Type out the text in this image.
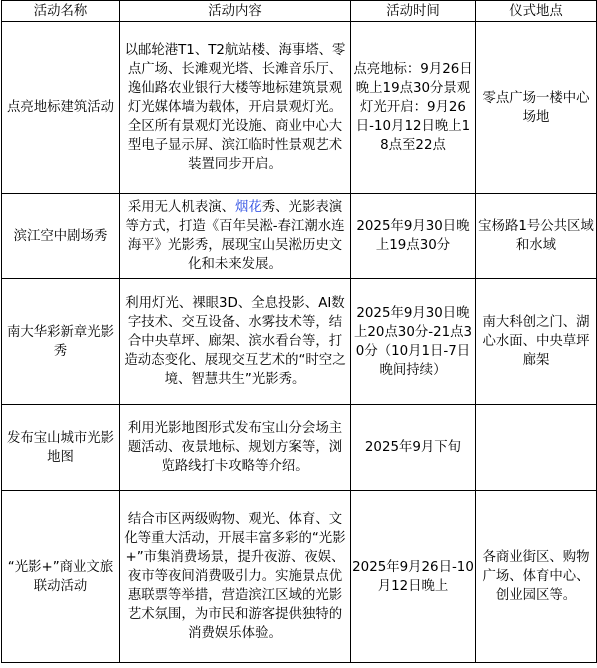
活动名称	活动内容	活动时间	仪式地点
点亮地标建筑活动	以邮轮港T1、T2航站楼、海事塔、零点广场、长滩观光塔、长滩音乐厅、逸仙路农业银行大楼等地标建筑景观灯光媒体墙为载体，开启景观灯光。全区所有景观灯光设施、商业中心大型电子显示屏、滨江临时性景观艺术装置同步开启。	点亮地标：9月26日晚上19点30分景观灯光开启：9月26日-10月12日晚上18点至22点	零点广场一楼中心场地
滨江空中剧场秀	采用无人机表演、烟花秀、光影表演等方式，打造《百年吴淞-春江潮水连海平》光影秀，展现宝山吴淞历史文化和未来发展。	2025年9月30日晚上19点30分	宝杨路1号公共区域和水域
南大华彩新章光影秀	利用灯光、裸眼3D、全息投影、AI数字技术、交互设备、水雾技术等，结合中央草坪、廊架、滨水看台等，打造动态变化、展现交互艺术的“时空之境、智慧共生”光影秀。	2025年9月30日晚上20点30分-21点30分（10月1日-7日晚间持续）	南大科创之门、湖心水面、中央草坪廊架
发布宝山城市光影地图	利用光影地图形式发布宝山分会场主题活动、夜景地标、规划方案等，浏览路线打卡攻略等介绍。	2025年9月下旬	
“光影+”商业文旅联动活动	结合市区两级购物、观光、体育、文化等重大活动，开展丰富多彩的“光影+”市集消费场景，提升夜游、夜娱、夜市等夜间消费吸引力。实施景点优惠联票等举措，营造滨江区域的光影艺术氛围，为市民和游客提供独特的消费娱乐体验。	2025年9月26日-10月12日晚上	各商业街区、购物广场、体育中心、创业园区等。
